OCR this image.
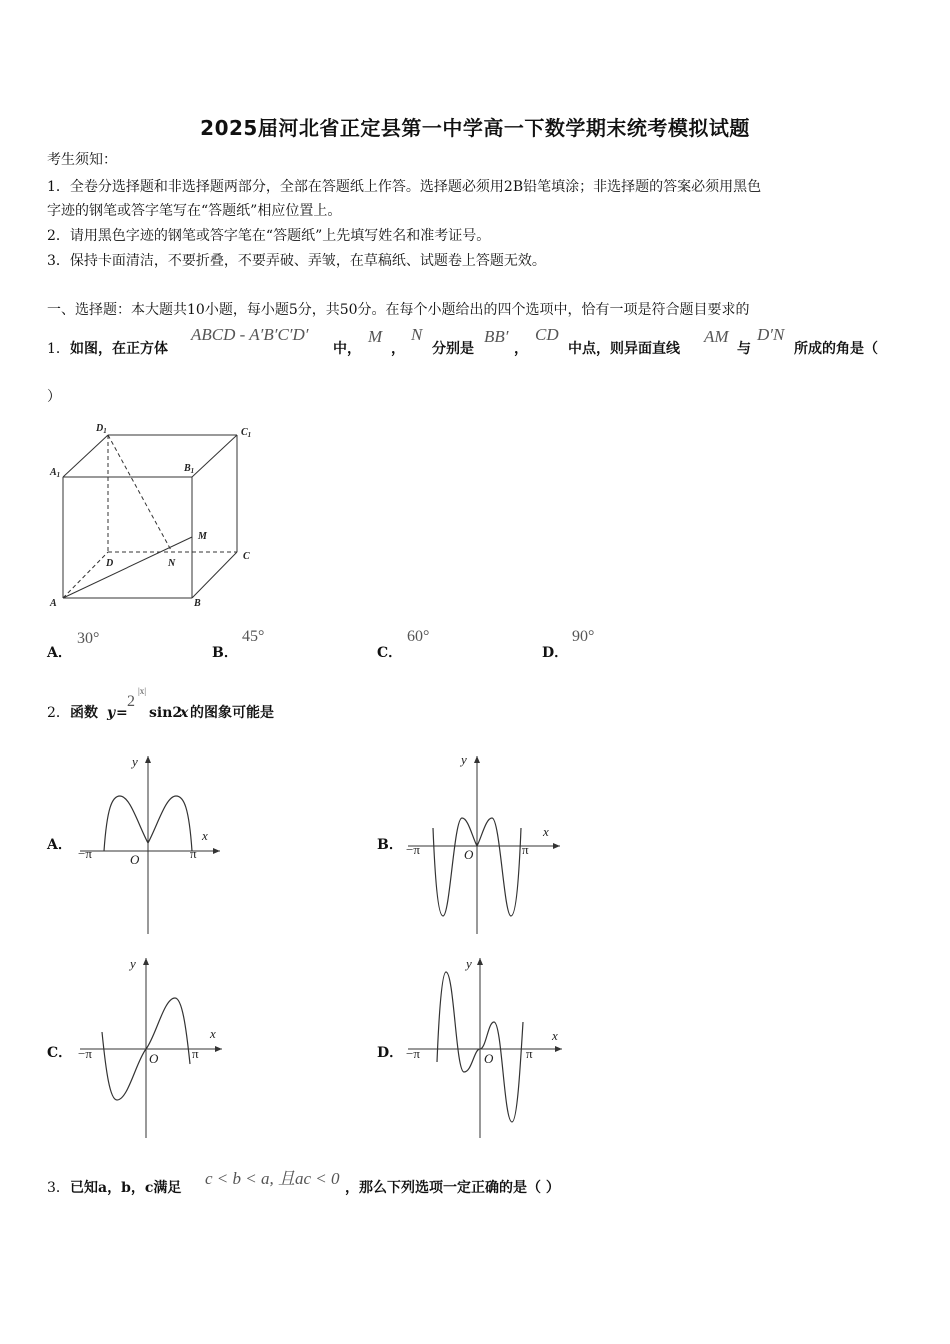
2025届河北省正定县第一中学高一下数学期末统考模拟试题
考生须知：
1．全卷分选择题和非选择题两部分，全部在答题纸上作答。选择题必须用2B铅笔填涂；非选择题的答案必须用黑色
字迹的钢笔或答字笔写在“答题纸”相应位置上。
2．请用黑色字迹的钢笔或答字笔在“答题纸”上先填写姓名和准考证号。
3．保持卡面清洁，不要折叠，不要弄破、弄皱，在草稿纸、试题卷上答题无效。
一、选择题：本大题共10小题，每小题5分，共50分。在每个小题给出的四个选项中，恰有一项是符合题目要求的
1． 如图，在正方体
ABCD - A′B′C′D′
中，
M
，
N
分别是
BB′
，
CD
中点，则异面直线
AM
与
D′N
所成的角是（
）
$D_1$	$C_1$
$A_1$
$B_1$
M
D	N
C
A	B
A．
30°
B．
45°
C．
60°
D．
90°
2． 函数 y =
2
|x|
sin2
x 的图象可能是
A．
y
x
O
−π	π
B．
y
x
O
−π	π
C．
y
x
O
−π	π	D．
y
x
O
−π	π
3． 已知a，b，c满足 c < b < a, 且ac < 0 ，那么下列选项一定正确的是（ ）
